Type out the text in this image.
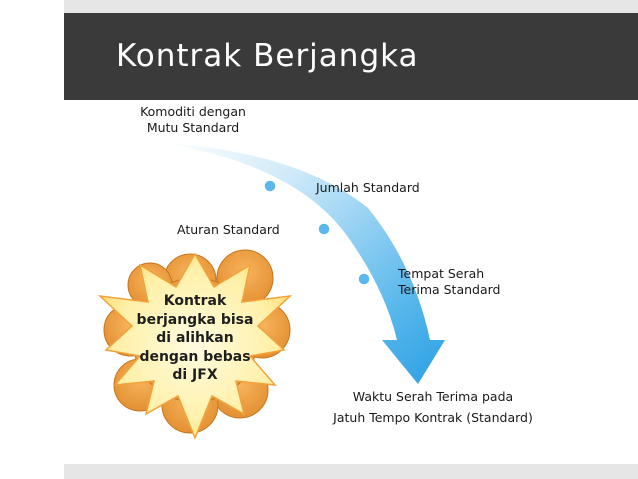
Kontrak Berjangka
Komoditi dengan
Mutu Standard
Jumlah Standard
Aturan Standard
Tempat Serah
Terima Standard
Waktu Serah Terima pada
Jatuh Tempo Kontrak (Standard)
Kontrak
berjangka bisa
di alihkan
dengan bebas
di JFX
